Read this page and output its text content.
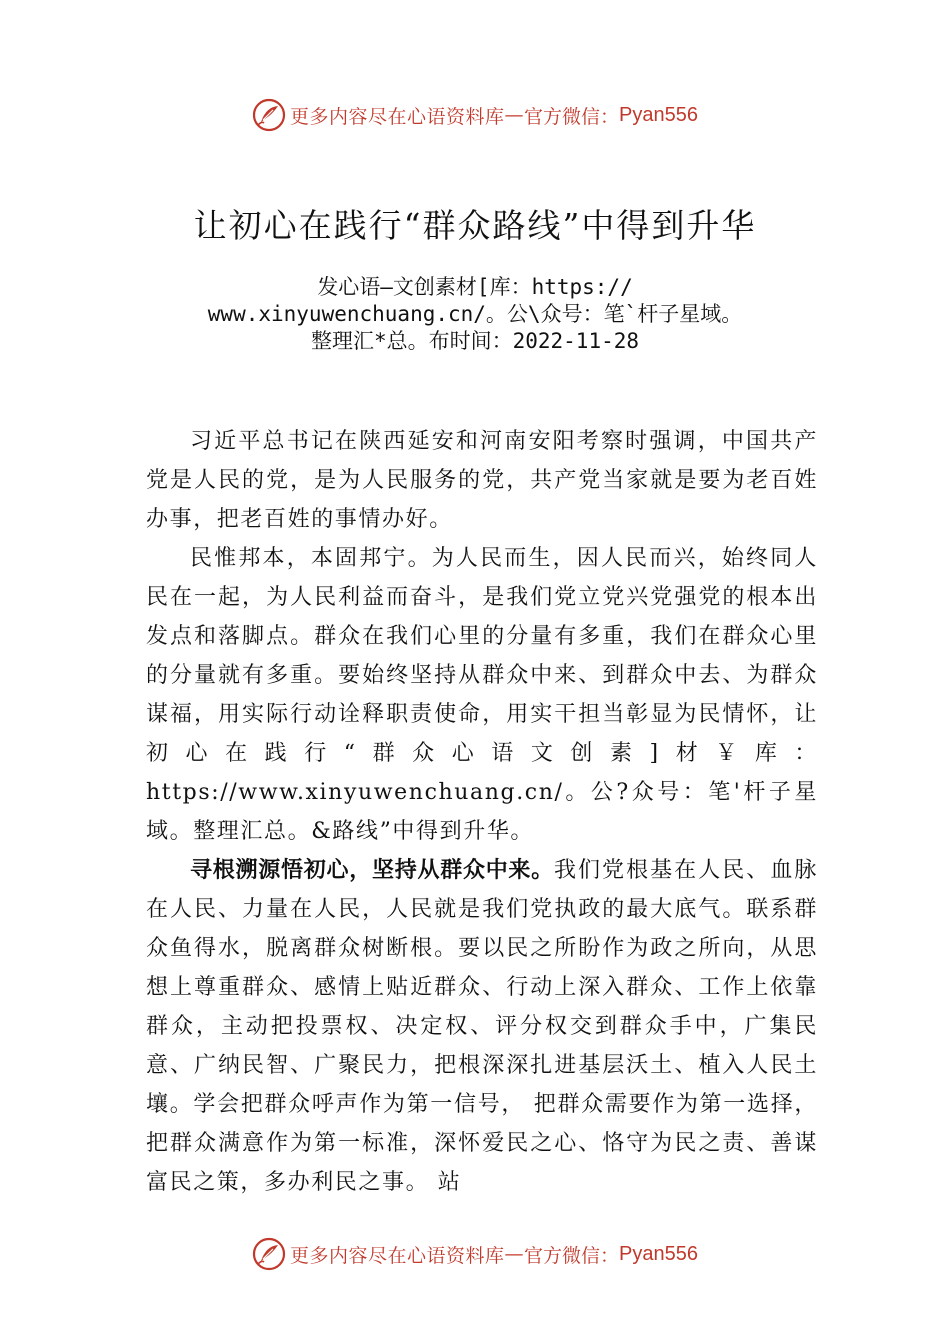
更多内容尽在心语资料库 — 官方微信： Pyan556
让初心在践行“群众路线”中得到升华
发心语—文创素材[库：https://
www.xinyuwenchuang.cn/。公\众号：笔`杆子星域。
整理汇*总。布时间：2022-11-28

习近平总书记在陕西延安和河南安阳考察时强调，中国共产党是人民的党，是为人民服务的党，共产党当家就是要为老百姓办事，把老百姓的事情办好。

民惟邦本，本固邦宁。为人民而生，因人民而兴，始终同人民在一起，为人民利益而奋斗，是我们党立党兴党强党的根本出发点和落脚点。群众在我们心里的分量有多重，我们在群众心里的分量就有多重。要始终坚持从群众中来、到群众中去、为群众谋福，用实际行动诠释职责使命，用实干担当彰显为民情怀，让初心在践行“群众心语文创素]材￥库：https://www.xinyuwenchuang.cn/。公?众号：笔'杆子星域。整理汇总。&路线”中得到升华。

寻根溯源悟初心，坚持从群众中来。我们党根基在人民、血脉在人民、力量在人民，人民就是我们党执政的最大底气。联系群众鱼得水，脱离群众树断根。要以民之所盼作为政之所向，从思想上尊重群众、感情上贴近群众、行动上深入群众、工作上依靠群众，主动把投票权、决定权、评分权交到群众手中，广集民意、广纳民智、广聚民力，把根深深扎进基层沃土、植入人民土壤。学会把群众呼声作为第一信号， 把群众需要作为第一选择，把群众满意作为第一标准，深怀爱民之心、恪守为民之责、善谋富民之策，多办利民之事。 站

更多内容尽在心语资料库 — 官方微信： Pyan556
